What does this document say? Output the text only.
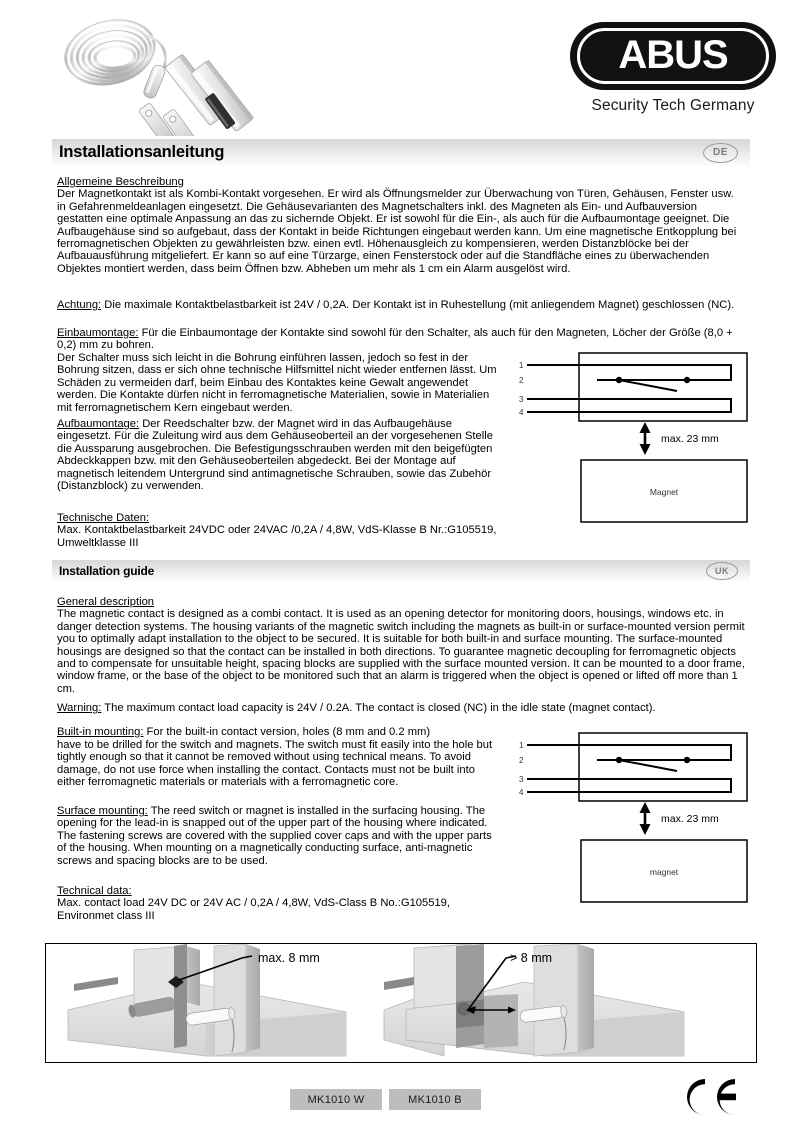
ABUS
Security Tech Germany
Installationsanleitung	DE

Allgemeine Beschreibung

Der Magnetkontakt ist als Kombi-Kontakt vorgesehen. Er wird als Öffnungsmelder zur Überwachung von Türen, Gehäusen, Fenster usw. in Gefahrenmeldeanlagen eingesetzt. Die Gehäusevarianten des Magnetschalters inkl. des Magneten als Ein- und Aufbauversion gestatten eine optimale Anpassung an das zu sichernde Objekt. Er ist sowohl für die Ein-, als auch für die Aufbaumontage geeignet. Die Aufbaugehäuse sind so aufgebaut, dass der Kontakt in beide Richtungen eingebaut werden kann. Um eine magnetische Entkopplung bei ferromagnetischen Objekten zu gewährleisten bzw. einen evtl. Höhenausgleich zu kompensieren, werden Distanzblöcke bei der Aufbauausführung mitgeliefert. Er kann so auf eine Türzarge, einen Fensterstock oder auf die Standfläche eines zu überwachenden Objektes montiert werden, dass beim Öffnen bzw. Abheben um mehr als 1 cm ein Alarm ausgelöst wird.

Achtung: Die maximale Kontaktbelastbarkeit ist 24V / 0,2A. Der Kontakt ist in Ruhestellung (mit anliegendem Magnet) geschlossen (NC).

Einbaumontage: Für die Einbaumontage der Kontakte sind sowohl für den Schalter, als auch für den Magneten, Löcher der Größe (8,0 + 0,2) mm zu bohren.

Der Schalter muss sich leicht in die Bohrung einführen lassen, jedoch so fest in der Bohrung sitzen, dass er sich ohne technische Hilfsmittel nicht wieder entfernen lässt. Um Schäden zu vermeiden darf, beim Einbau des Kontaktes keine Gewalt angewendet werden. Die Kontakte dürfen nicht in ferromagnetische Materialien, sowie in Materialien mit ferromagnetischem Kern eingebaut werden.

Aufbaumontage: Der Reedschalter bzw. der Magnet wird in das Aufbaugehäuse eingesetzt. Für die Zuleitung wird aus dem Gehäuseoberteil an der vorgesehenen Stelle die Aussparung ausgebrochen. Die Befestigungsschrauben werden mit den beigefügten Abdeckkappen bzw. mit den Gehäuseoberteilen abgedeckt. Bei der Montage auf magnetisch leitendem Untergrund sind antimagnetische Schrauben, sowie das Zubehör (Distanzblock) zu verwenden.

Technische Daten:

Max. Kontaktbelastbarkeit 24VDC oder 24VAC /0,2A / 4,8W, VdS-Klasse B Nr.:G105519, Umweltklasse III

1
2
3
4
max. 23 mm
Magnet
Installation guide	UK

General description

The magnetic contact is designed as a combi contact. It is used as an opening detector for monitoring doors, housings, windows etc. in danger detection systems. The housing variants of the magnetic switch including the magnets as built-in or surface-mounted version permit you to optimally adapt installation to the object to be secured. It is suitable for both built-in and surface mounting. The surface-mounted housings are designed so that the contact can be installed in both directions. To guarantee magnetic decoupling for ferromagnetic objects and to compensate for unsuitable height, spacing blocks are supplied with the surface mounted version. It can be mounted to a door frame, window frame, or the base of the object to be monitored such that an alarm is triggered when the object is opened or lifted off more than 1 cm.

Warning: The maximum contact load capacity is 24V / 0.2A. The contact is closed (NC) in the idle state (magnet contact).

Built-in mounting: For the built-in contact version, holes (8 mm and 0.2 mm)

have to be drilled for the switch and magnets. The switch must fit easily into the hole but tightly enough so that it cannot be removed without using technical means. To avoid damage, do not use force when installing the contact. Contacts must not be built into either ferromagnetic materials or materials with a ferromagnetic core.

Surface mounting: The reed switch or magnet is installed in the surfacing housing. The opening for the lead-in is snapped out of the upper part of the housing where indicated. The fastening screws are covered with the supplied cover caps and with the upper parts of the housing. When mounting on a magnetically conducting surface, anti-magnetic screws and spacing blocks are to be used.

Technical data:

Max. contact load 24V DC or 24V AC / 0,2A / 4,8W, VdS-Class B No.:G105519, Environmet class III

1
2
3
4
max. 23 mm
magnet
max. 8 mm	> 8 mm
MK1010 W	MK1010 B
